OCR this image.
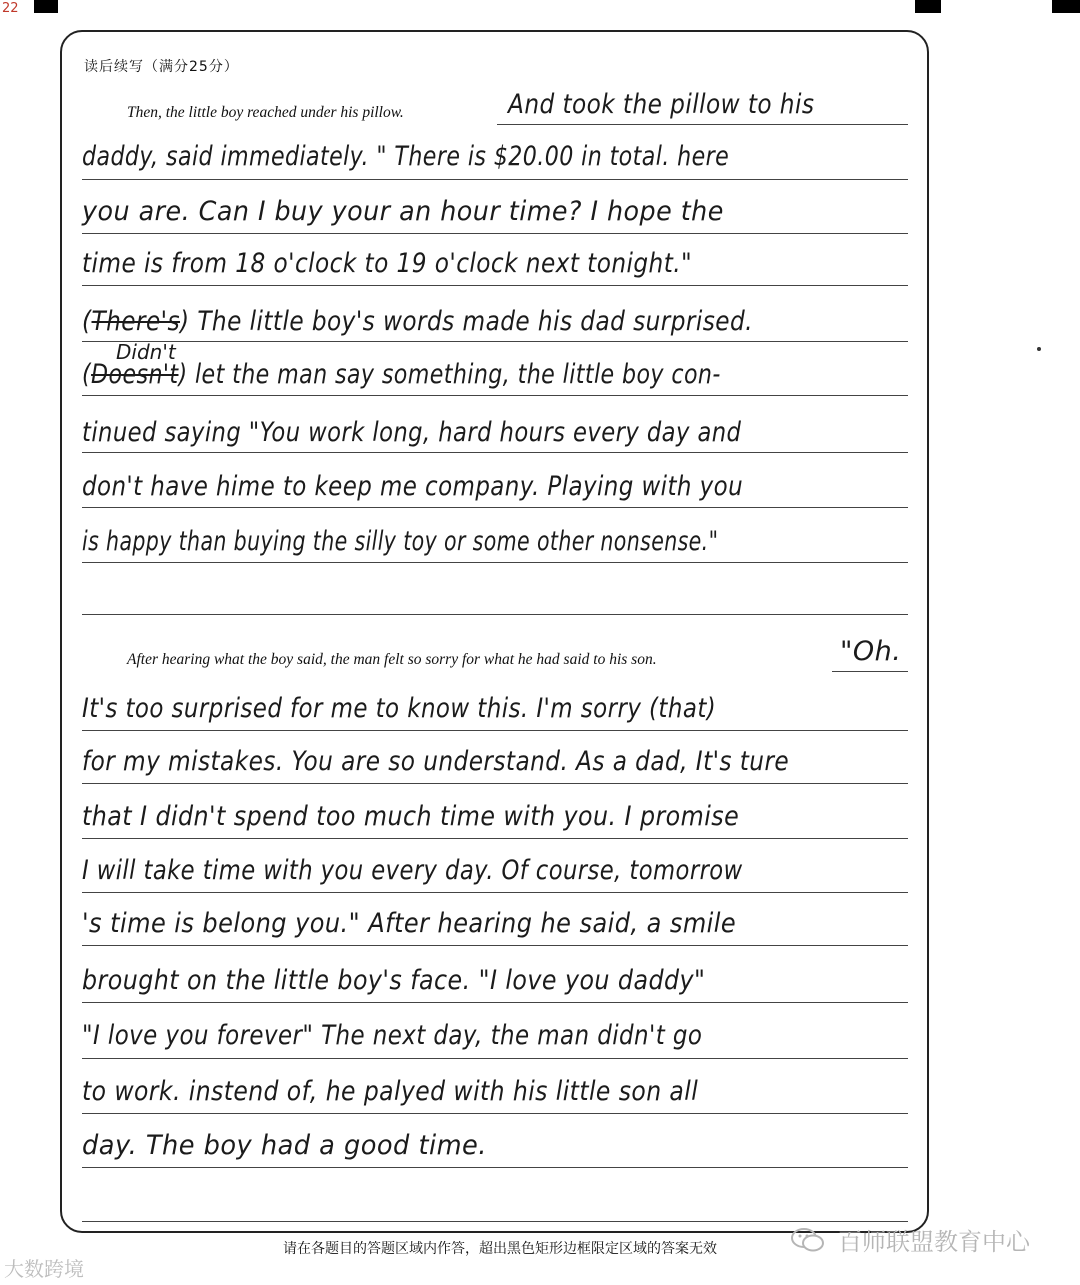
22
读后续写（满分25分）
Then, the little boy reached under his pillow.	And took the pillow to his
daddy, said immediately. " There is $20.00 in total. here
you are. Can I buy your an hour time? I hope the
time is from 18 o'clock to 19 o'clock next tonight."
(There's) The little boy's words made his dad surprised.
Didn't
(Doesn't) let the man say something, the little boy con-
tinued saying "You work long, hard hours every day and
don't have hime to keep me company. Playing with you
is happy than buying the silly toy or some other nonsense."
After hearing what the boy said, the man felt so sorry for what he had said to his son.	"Oh.
It's too surprised for me to know this. I'm sorry (that)
for my mistakes. You are so understand. As a dad, It's ture
that I didn't spend too much time with you. I promise
I will take time with you every day. Of course, tomorrow
's time is belong you." After hearing he said, a smile
brought on the little boy's face. "I love you daddy"
"I love you forever" The next day, the man didn't go
to work. instend of, he palyed with his little son all
day. The boy had a good time.
请在各题目的答题区域内作答，超出黑色矩形边框限定区域的答案无效
大数跨境
百师联盟教育中心
